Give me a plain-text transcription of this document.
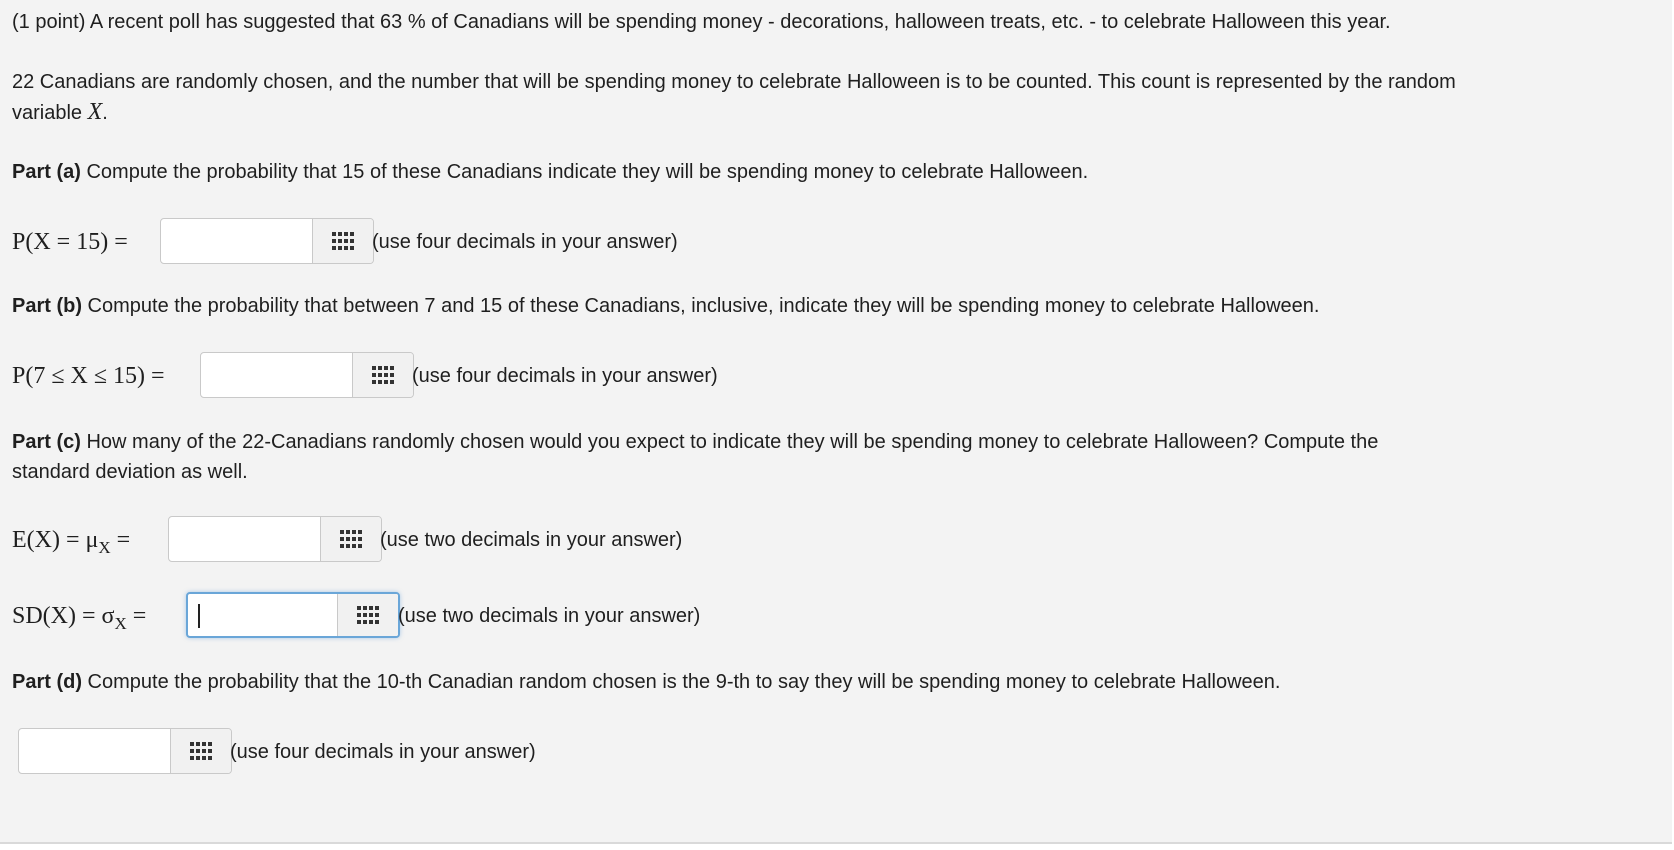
(1 point) A recent poll has suggested that 63 % of Canadians will be spending money - decorations, halloween treats, etc. - to celebrate Halloween this year.
22 Canadians are randomly chosen, and the number that will be spending money to celebrate Halloween is to be counted. This count is represented by the random
variable X.
Part (a) Compute the probability that 15 of these Canadians indicate they will be spending money to celebrate Halloween.
P(X = 15) =	(use four decimals in your answer)
Part (b) Compute the probability that between 7 and 15 of these Canadians, inclusive, indicate they will be spending money to celebrate Halloween.
P(7 ≤ X ≤ 15) =	(use four decimals in your answer)
Part (c) How many of the 22-Canadians randomly chosen would you expect to indicate they will be spending money to celebrate Halloween? Compute the
standard deviation as well.
$E(X) = \mu_X$ =	(use two decimals in your answer)
$SD(X) = \sigma_X$ =	(use two decimals in your answer)
Part (d) Compute the probability that the 10-th Canadian random chosen is the 9-th to say they will be spending money to celebrate Halloween.
(use four decimals in your answer)
